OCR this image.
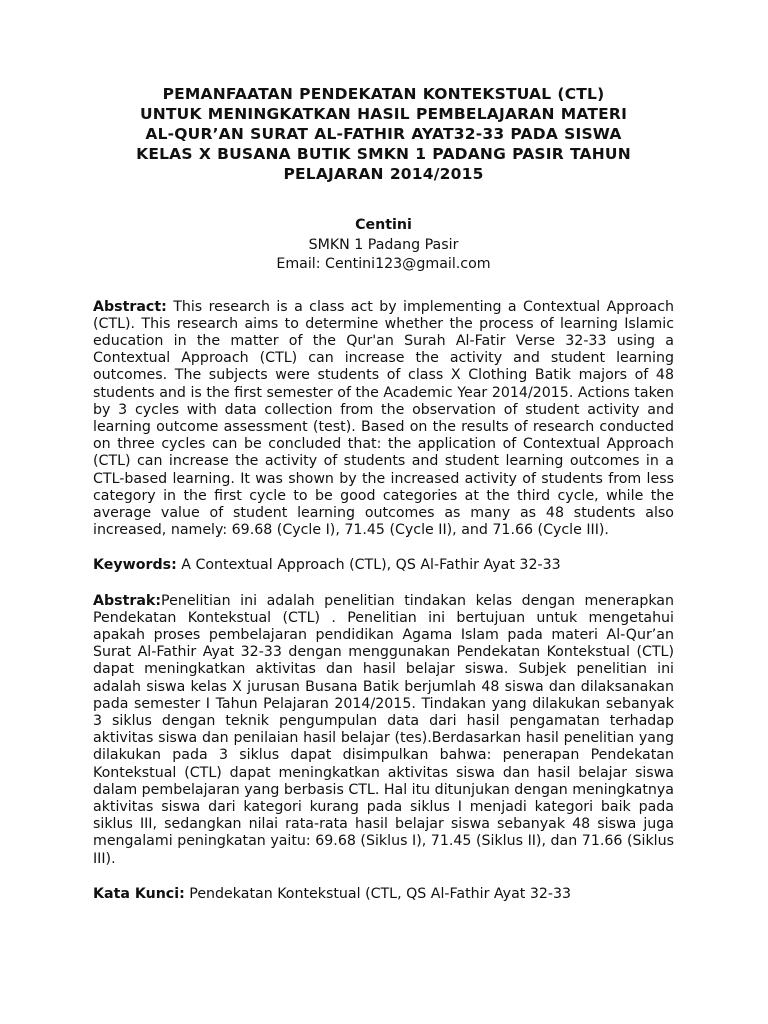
PEMANFAATAN PENDEKATAN KONTEKSTUAL (CTL)
UNTUK MENINGKATKAN HASIL PEMBELAJARAN MATERI
AL-QUR’AN SURAT AL-FATHIR AYAT32-33 PADA SISWA
KELAS X BUSANA BUTIK SMKN 1 PADANG PASIR TAHUN
PELAJARAN 2014/2015
Centini
SMKN 1 Padang Pasir
Email: Centini123@gmail.com

Abstract: This research is a class act by implementing a Contextual Approach (CTL). This research aims to determine whether the process of learning Islamic education in the matter of the Qur'an Surah Al-Fatir Verse 32-33 using a Contextual Approach (CTL) can increase the activity and student learning outcomes. The subjects were students of class X Clothing Batik majors of 48 students and is the first semester of the Academic Year 2014/2015. Actions taken by 3 cycles with data collection from the observation of student activity and learning outcome assessment (test). Based on the results of research conducted on three cycles can be concluded that: the application of Contextual Approach (CTL) can increase the activity of students and student learning outcomes in a CTL-based learning. It was shown by the increased activity of students from less category in the first cycle to be good categories at the third cycle, while the average value of student learning outcomes as many as 48 students also increased, namely: 69.68 (Cycle I), 71.45 (Cycle II), and 71.66 (Cycle III).

Keywords: A Contextual Approach (CTL), QS Al-Fathir Ayat 32-33

Abstrak:Penelitian ini adalah penelitian tindakan kelas dengan menerapkan Pendekatan Kontekstual (CTL) . Penelitian ini bertujuan untuk mengetahui apakah proses pembelajaran pendidikan Agama Islam pada materi Al-Qur’an Surat Al-Fathir Ayat 32-33 dengan menggunakan Pendekatan Kontekstual (CTL) dapat meningkatkan aktivitas dan hasil belajar siswa. Subjek penelitian ini adalah siswa kelas X jurusan Busana Batik berjumlah 48 siswa dan dilaksanakan pada semester I Tahun Pelajaran 2014/2015. Tindakan yang dilakukan sebanyak 3 siklus dengan teknik pengumpulan data dari hasil pengamatan terhadap aktivitas siswa dan penilaian hasil belajar (tes).Berdasarkan hasil penelitian yang dilakukan pada 3 siklus dapat disimpulkan bahwa: penerapan Pendekatan Kontekstual (CTL) dapat meningkatkan aktivitas siswa dan hasil belajar siswa dalam pembelajaran yang berbasis CTL. Hal itu ditunjukan dengan meningkatnya aktivitas siswa dari kategori kurang pada siklus I menjadi kategori baik pada siklus III, sedangkan nilai rata-rata hasil belajar siswa sebanyak 48 siswa juga mengalami peningkatan yaitu: 69.68 (Siklus I), 71.45 (Siklus II), dan 71.66 (Siklus III).

Kata Kunci: Pendekatan Kontekstual (CTL, QS Al-Fathir Ayat 32-33
